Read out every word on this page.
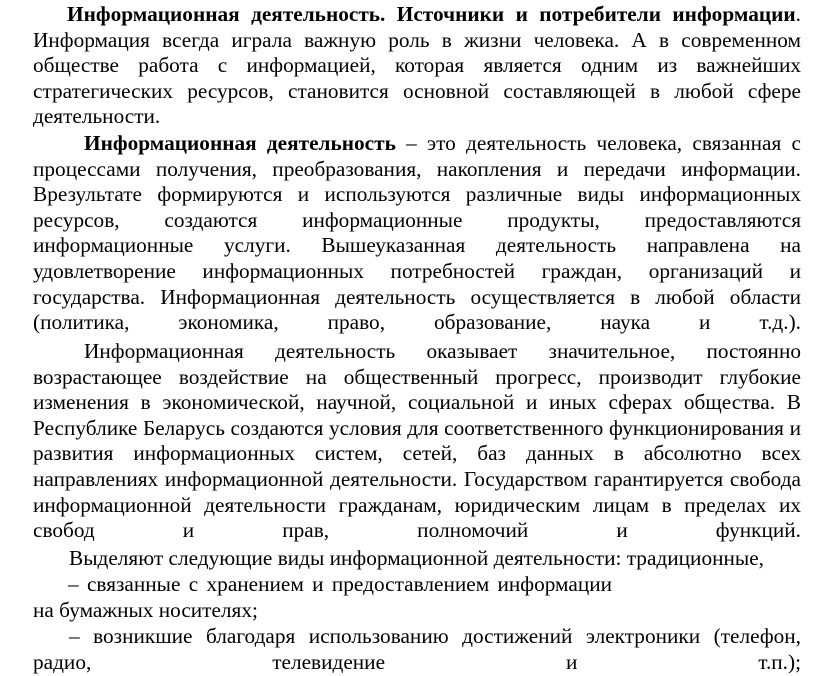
Информационная деятельность. Источники и потребители информации. Информация всегда играла важную роль в жизни человека. А в современном обществе работа с информацией, которая является одним из важнейших стратегических ресурсов, становится основной составляющей в любой сфере деятельности.

Информационная деятельность – это деятельность человека, связанная с процессами получения, преобразования, накопления и передачи информации. Врезультате формируются и используются различные виды информационных ресурсов, создаются информационные продукты, предоставляются информационные услуги. Вышеуказанная деятельность направлена на удовлетворение информационных потребностей граждан, организаций и государства. Информационная деятельность осуществляется в любой области (политика, экономика, право, образование, наука и т.д.).

Информационная деятельность оказывает значительное, постоянно возрастающее воздействие на общественный прогресс, производит глубокие изменения в экономической, научной, социальной и иных сферах общества. В Республике Беларусь создаются условия для соответственного функционирования и развития информационных систем, сетей, баз данных в абсолютно всех направлениях информационной деятельности. Государством гарантируется свобода информационной деятельности гражданам, юридическим лицам в пределах их свобод и прав, полномочий и функций.

Выделяют следующие виды информационной деятельности: традиционные,

– связанные с хранением и предоставлением информации

на бумажных носителях;

– возникшие благодаря использованию достижений электроники (телефон, радио, телевидение и т.п.);
